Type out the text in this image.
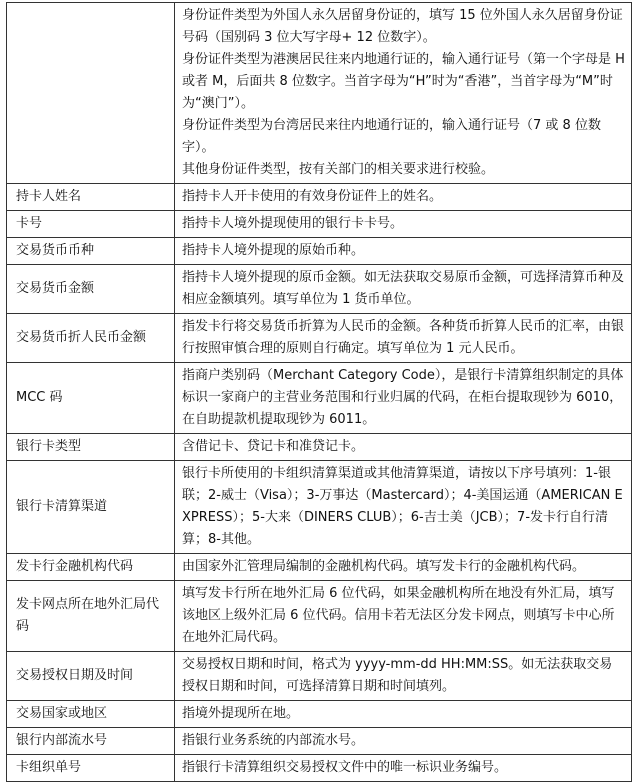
	身份证件类型为外国人永久居留身份证的，填写 15 位外国人永久居留身份证号码（国别码 3 位大写字母+ 12 位数字）。
身份证件类型为港澳居民往来内地通行证的，输入通行证号（第一个字母是 H 或者 M，后面共 8 位数字。当首字母为“H”时为“香港”，当首字母为“M”时为“澳门”）。
身份证件类型为台湾居民来往内地通行证的，输入通行证号（7 或 8 位数字）。
其他身份证件类型，按有关部门的相关要求进行校验。

持卡人姓名	指持卡人开卡使用的有效身份证件上的姓名。

卡号	指持卡人境外提现使用的银行卡卡号。

交易货币币种	指持卡人境外提现的原始币种。

交易货币金额	指持卡人境外提现的原币金额。如无法获取交易原币金额，可选择清算币种及相应金额填列。填写单位为 1 货币单位。

交易货币折人民币金额	指发卡行将交易货币折算为人民币的金额。各种货币折算人民币的汇率，由银行按照审慎合理的原则自行确定。填写单位为 1 元人民币。

MCC 码	指商户类别码（Merchant Category Code），是银行卡清算组织制定的具体标识一家商户的主营业务范围和行业归属的代码，在柜台提取现钞为 6010，在自助提款机提取现钞为 6011。

银行卡类型	含借记卡、贷记卡和准贷记卡。

银行卡清算渠道	银行卡所使用的卡组织清算渠道或其他清算渠道，请按以下序号填列：1-银联；2-威士（Visa）；3-万事达（Mastercard）；4-美国运通（AMERICAN EXPRESS）；5-大来（DINERS CLUB）；6-吉士美（JCB）；7-发卡行自行清算；8-其他。

发卡行金融机构代码	由国家外汇管理局编制的金融机构代码。填写发卡行的金融机构代码。

发卡网点所在地外汇局代码	填写发卡行所在地外汇局 6 位代码，如果金融机构所在地没有外汇局，填写该地区上级外汇局 6 位代码。信用卡若无法区分发卡网点，则填写卡中心所在地外汇局代码。

交易授权日期及时间	交易授权日期和时间，格式为 yyyy-mm-dd HH:MM:SS。如无法获取交易授权日期和时间，可选择清算日期和时间填列。

交易国家或地区	指境外提现所在地。

银行内部流水号	指银行业务系统的内部流水号。

卡组织单号	指银行卡清算组织交易授权文件中的唯一标识业务编号。
